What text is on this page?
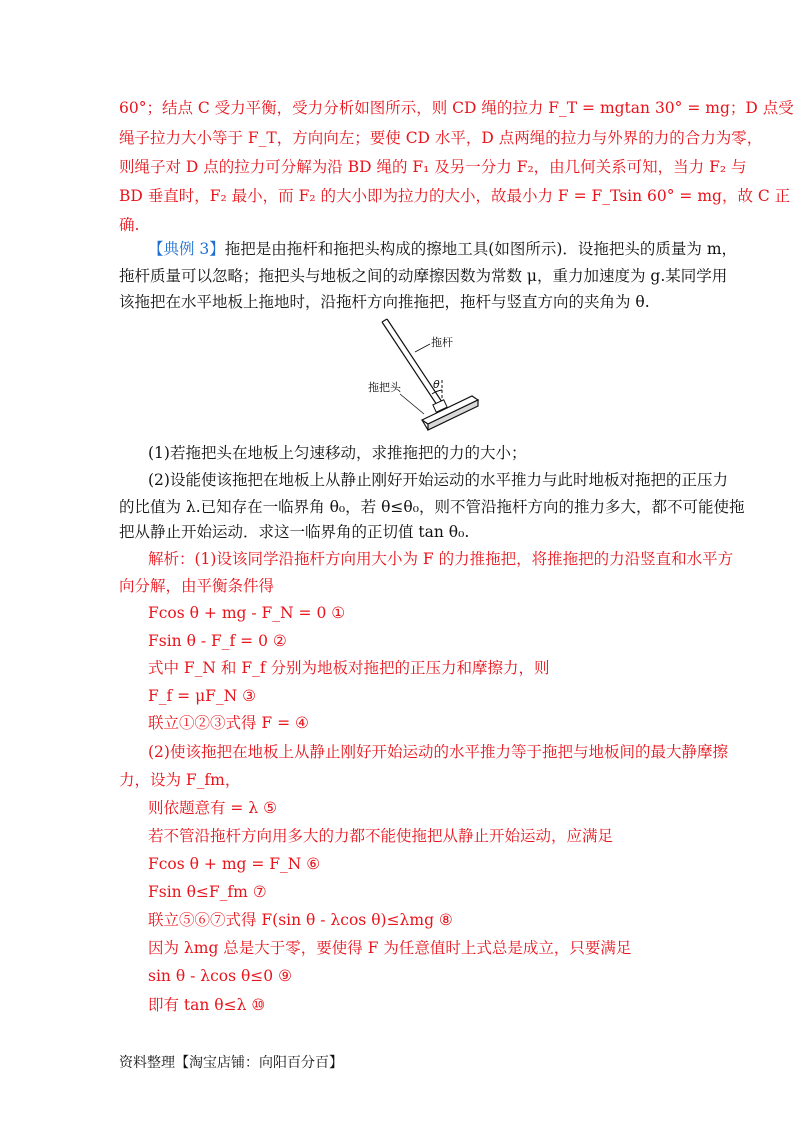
60°；结点 C 受力平衡，受力分析如图所示，则 CD 绳的拉力 F_T = mgtan 30° = mg；D 点受
绳子拉力大小等于 F_T，方向向左；要使 CD 水平，D 点两绳的拉力与外界的力的合力为零，
则绳子对 D 点的拉力可分解为沿 BD 绳的 F₁ 及另一分力 F₂，由几何关系可知，当力 F₂ 与
BD 垂直时，F₂ 最小，而 F₂ 的大小即为拉力的大小，故最小力 F = F_Tsin 60° = mg，故 C 正
确.
【典例 3】拖把是由拖杆和拖把头构成的擦地工具(如图所示)．设拖把头的质量为 m，
拖杆质量可以忽略；拖把头与地板之间的动摩擦因数为常数 μ，重力加速度为 g.某同学用
该拖把在水平地板上拖地时，沿拖杆方向推拖把，拖杆与竖直方向的夹角为 θ.
拖杆
拖把头	θ
(1)若拖把头在地板上匀速移动，求推拖把的力的大小；
(2)设能使该拖把在地板上从静止刚好开始运动的水平推力与此时地板对拖把的正压力
的比值为 λ.已知存在一临界角 θ₀，若 θ≤θ₀，则不管沿拖杆方向的推力多大，都不可能使拖
把从静止开始运动．求这一临界角的正切值 tan θ₀.
解析：(1)设该同学沿拖杆方向用大小为 F 的力推拖把，将推拖把的力沿竖直和水平方
向分解，由平衡条件得
Fcos θ + mg - F_N = 0 ①
Fsin θ - F_f = 0 ②
式中 F_N 和 F_f 分别为地板对拖把的正压力和摩擦力，则
F_f = μF_N ③
联立①②③式得 F = ④
(2)使该拖把在地板上从静止刚好开始运动的水平推力等于拖把与地板间的最大静摩擦
力，设为 F_fm，
则依题意有 = λ ⑤
若不管沿拖杆方向用多大的力都不能使拖把从静止开始运动，应满足
Fcos θ + mg = F_N ⑥
Fsin θ≤F_fm ⑦
联立⑤⑥⑦式得 F(sin θ - λcos θ)≤λmg ⑧
因为 λmg 总是大于零，要使得 F 为任意值时上式总是成立，只要满足
sin θ - λcos θ≤0 ⑨
即有 tan θ≤λ ⑩
资料整理【淘宝店铺：向阳百分百】
